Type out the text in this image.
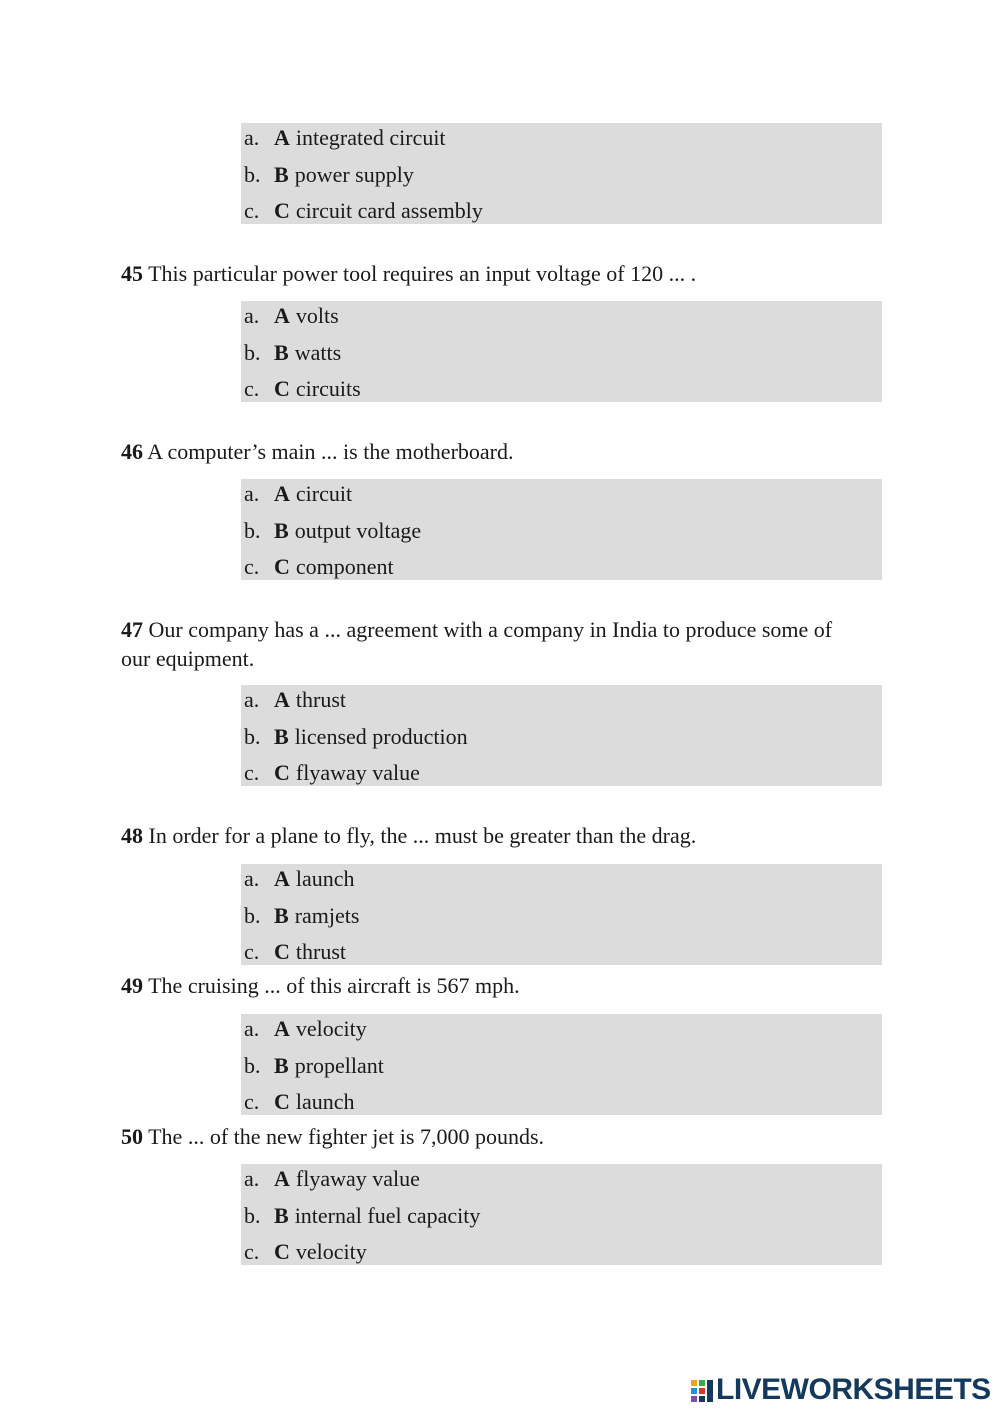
a. A integrated circuit
b. B power supply
c. C circuit card assembly

45 This particular power tool requires an input voltage of 120 ... .

a. A volts
b. B watts
c. C circuits

46 A computer’s main ... is the motherboard.

a. A circuit
b. B output voltage
c. C component

47 Our company has a ... agreement with a company in India to produce some of our equipment.

a. A thrust
b. B licensed production
c. C flyaway value

48 In order for a plane to fly, the ... must be greater than the drag.

a. A launch
b. B ramjets
c. C thrust

49 The cruising ... of this aircraft is 567 mph.

a. A velocity
b. B propellant
c. C launch

50 The ... of the new fighter jet is 7,000 pounds.

a. A flyaway value
b. B internal fuel capacity
c. C velocity
LIVEWORKSHEETS
